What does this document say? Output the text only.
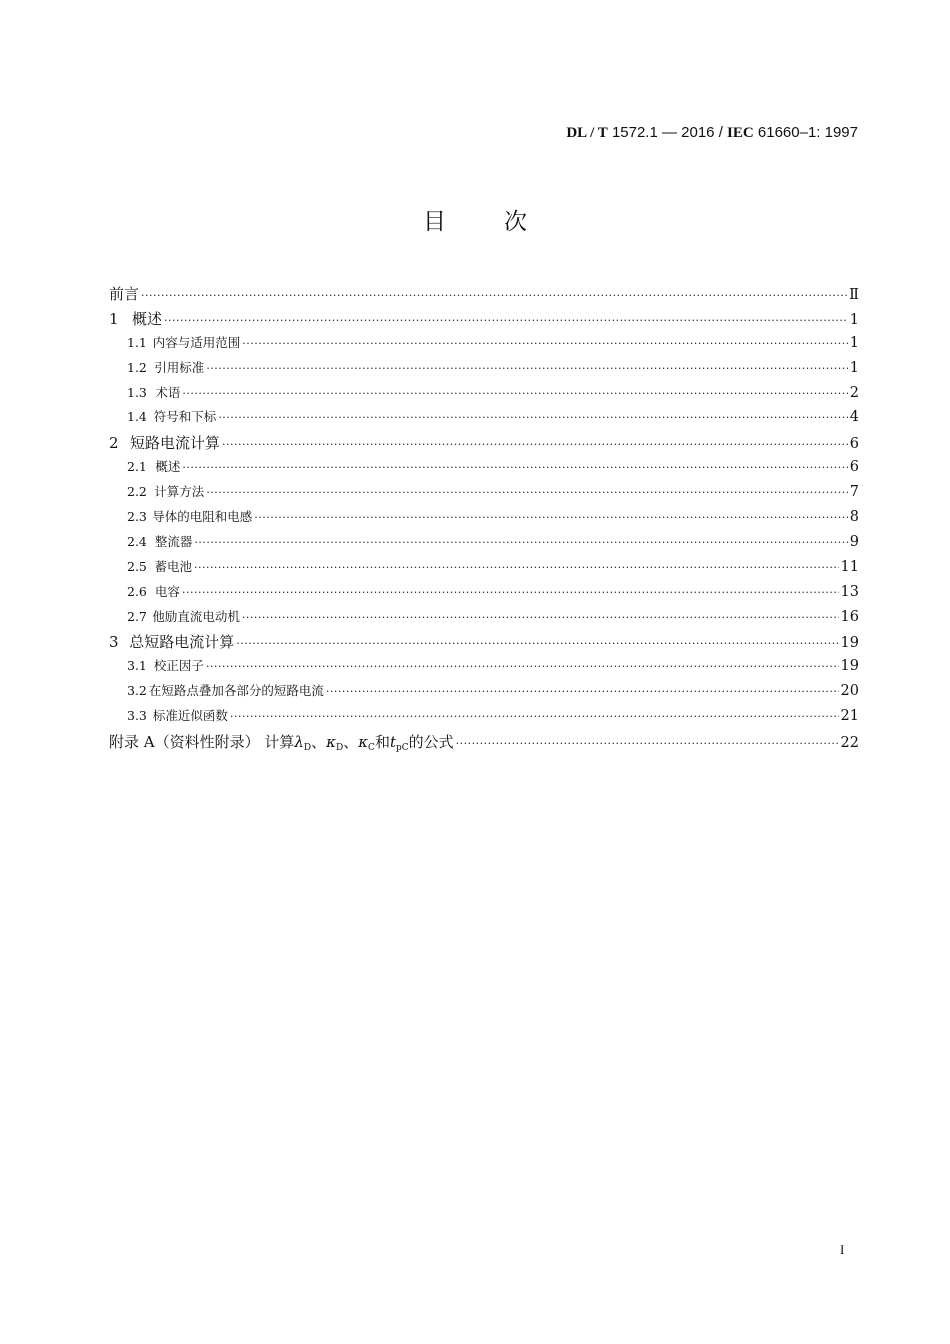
DL / T 1572.1 — 2016 / IEC 61660–1: 1997
目次
前言 ·····	Ⅱ
1 概述 ·····	1
1.1 内容与适用范围 ·····	1
1.2 引用标准 ·····	1
1.3 术语 ·····	2
1.4 符号和下标 ·····	4
2 短路电流计算 ·····	6
2.1 概述 ·····	6
2.2 计算方法 ·····	7
2.3 导体的电阻和电感 ·····	8
2.4 整流器 ·····	9
2.5 蓄电池 ·····	11
2.6 电容 ·····	13
2.7 他励直流电动机 ·····	16
3 总短路电流计算 ·····	19
3.1 校正因子 ·····	19
3.2 在短路点叠加各部分的短路电流 ·····	20
3.3 标准近似函数 ·····	21
附录 A（资料性附录） 计算$\lambda_D$、$\kappa_D$、$\kappa_C$和$t_{pC}$的公式 ·····	22
I
